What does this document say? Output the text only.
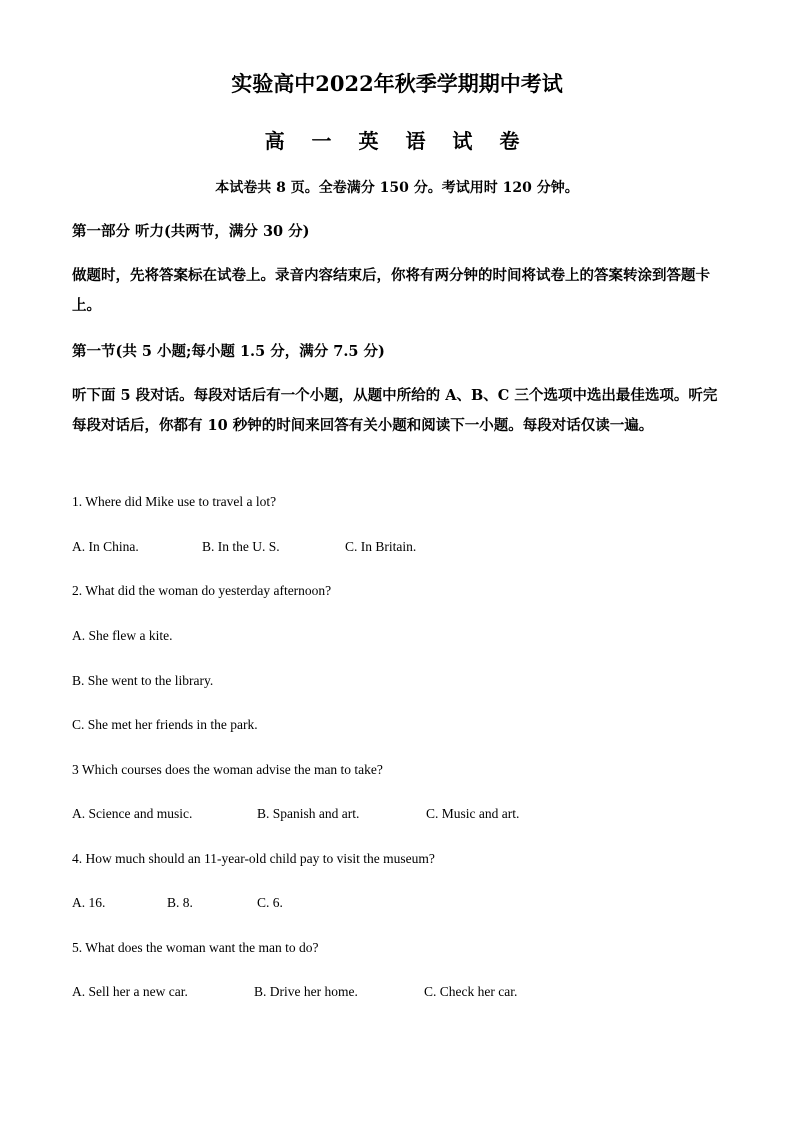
实验高中2022年秋季学期期中考试
高 一 英 语 试 卷
本试卷共 8 页。全卷满分 150 分。考试用时 120 分钟。
第一部分 听力(共两节，满分 30 分)
做题时，先将答案标在试卷上。录音内容结束后，你将有两分钟的时间将试卷上的答案转涂到答题卡上。
第一节(共 5 小题;每小题 1.5 分，满分 7.5 分)
听下面 5 段对话。每段对话后有一个小题，从题中所给的 A、B、C 三个选项中选出最佳选项。听完每段对话后，你都有 10 秒钟的时间来回答有关小题和阅读下一小题。每段对话仅读一遍。
1. Where did Mike use to travel a lot?
A. In China.	B. In the U. S.	C. In Britain.
2. What did the woman do yesterday afternoon?
A. She flew a kite.
B. She went to the library.
C. She met her friends in the park.
3 Which courses does the woman advise the man to take?
A. Science and music.	B. Spanish and art.	C. Music and art.
4. How much should an 11-year-old child pay to visit the museum?
A. 16.	B. 8.	C. 6.
5. What does the woman want the man to do?
A. Sell her a new car.	B. Drive her home.	C. Check her car.
